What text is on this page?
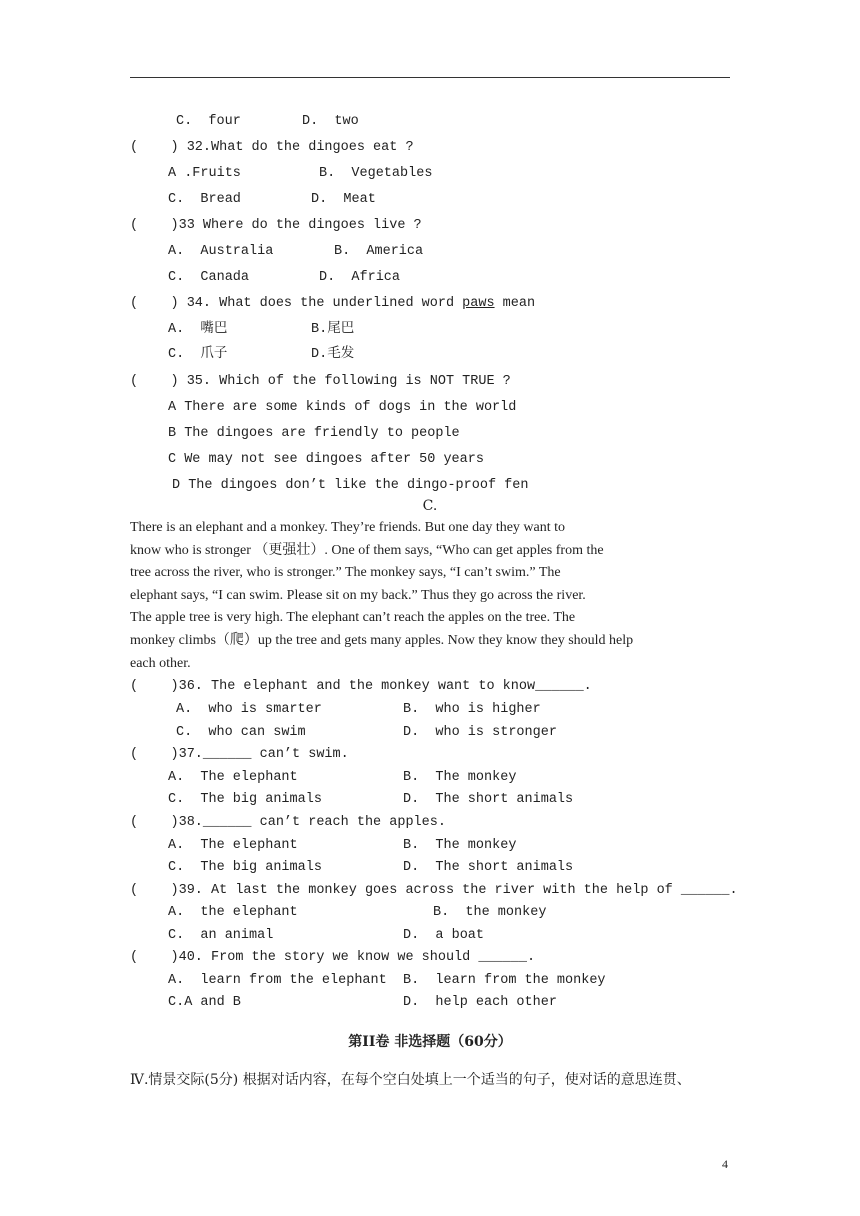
C.  four	D.  two
(    ) 32.What do the dingoes eat ?
A .Fruits	B.  Vegetables
C.  Bread	D.  Meat
(    )33 Where do the dingoes live ?
A.  Australia	B.  America
C.  Canada	D.  Africa
(    ) 34. What does the underlined word paws mean
A.  嘴巴	B.尾巴
C.  爪子	D.毛发
(    ) 35. Which of the following is NOT TRUE ?
A There are some kinds of dogs in the world
B The dingoes are friendly to people
C We may not see dingoes after 50 years
D The dingoes don’t like the dingo-proof fen
C.
There is an elephant and a monkey. They’re friends. But one day they want to
know who is stronger （更强壮）. One of them says, “Who can get apples from the
tree across the river, who is stronger.” The monkey says, “I can’t swim.” The
elephant says, “I can swim. Please sit on my back.” Thus they go across the river.
The apple tree is very high. The elephant can’t reach the apples on the tree. The
monkey climbs（爬）up the tree and gets many apples. Now they know they should help
each other.
(    )36. The elephant and the monkey want to know______.
A.  who is smarter	B.  who is higher
C.  who can swim	D.  who is stronger
(    )37.______ can’t swim.
A.  The elephant	B.  The monkey
C.  The big animals	D.  The short animals
(    )38.______ can’t reach the apples.
A.  The elephant	B.  The monkey
C.  The big animals	D.  The short animals
(    )39. At last the monkey goes across the river with the help of ______.
A.  the elephant	B.  the monkey
C.  an animal	D.  a boat
(    )40. From the story we know we should ______.
A.  learn from the elephant B.  learn from the monkey
C.A and B	D.  help each other
第II卷 非选择题（60分）
Ⅳ.情景交际(5分) 根据对话内容，在每个空白处填上一个适当的句子，使对话的意思连贯、
4
